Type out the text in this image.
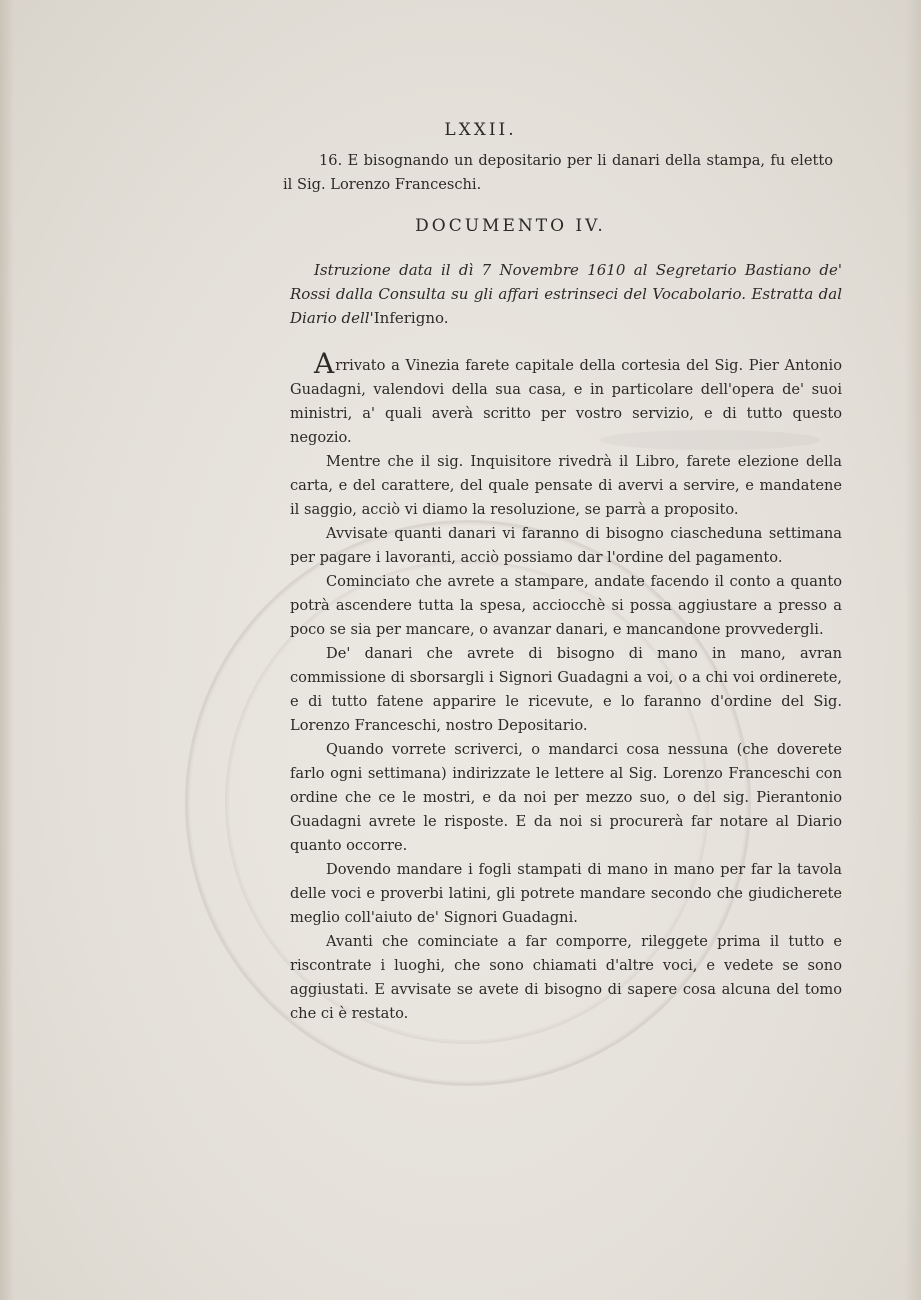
LXXII.
16. E bisognando un depositario per li danari della stampa, fu eletto il Sig. Lorenzo Franceschi.
DOCUMENTO IV.
Istruzione data il dì 7 Novembre 1610 al Segretario Bastiano de' Rossi dalla Consulta su gli affari estrinseci del Vocabolario. Estratta dal Diario dell'Inferigno.

Arrivato a Vinezia farete capitale della cortesia del Sig. Pier Antonio Guadagni, valendovi della sua casa, e in particolare dell'opera de' suoi ministri, a' quali averà scritto per vostro servizio, e di tutto questo negozio.

Mentre che il sig. Inquisitore rivedrà il Libro, farete elezione della carta, e del carattere, del quale pensate di avervi a servire, e mandatene il saggio, acciò vi diamo la resoluzione, se parrà a proposito.

Avvisate quanti danari vi faranno di bisogno ciascheduna settimana per pagare i lavoranti, acciò possiamo dar l'ordine del pagamento.

Cominciato che avrete a stampare, andate facendo il conto a quanto potrà ascendere tutta la spesa, acciocchè si possa aggiustare a presso a poco se sia per mancare, o avanzar danari, e mancandone provvedergli.

De' danari che avrete di bisogno di mano in mano, avran commissione di sborsargli i Signori Guadagni a voi, o a chi voi ordinerete, e di tutto fatene apparire le ricevute, e lo faranno d'ordine del Sig. Lorenzo Franceschi, nostro Depositario.

Quando vorrete scriverci, o mandarci cosa nessuna (che doverete farlo ogni settimana) indirizzate le lettere al Sig. Lorenzo Franceschi con ordine che ce le mostri, e da noi per mezzo suo, o del sig. Pierantonio Guadagni avrete le risposte. E da noi si procurerà far notare al Diario quanto occorre.

Dovendo mandare i fogli stampati di mano in mano per far la tavola delle voci e proverbi latini, gli potrete mandare secondo che giudicherete meglio coll'aiuto de' Signori Guadagni.

Avanti che cominciate a far comporre, rileggete prima il tutto e riscontrate i luoghi, che sono chiamati d'altre voci, e vedete se sono aggiustati. E avvisate se avete di bisogno di sapere cosa alcuna del tomo che ci è restato.
